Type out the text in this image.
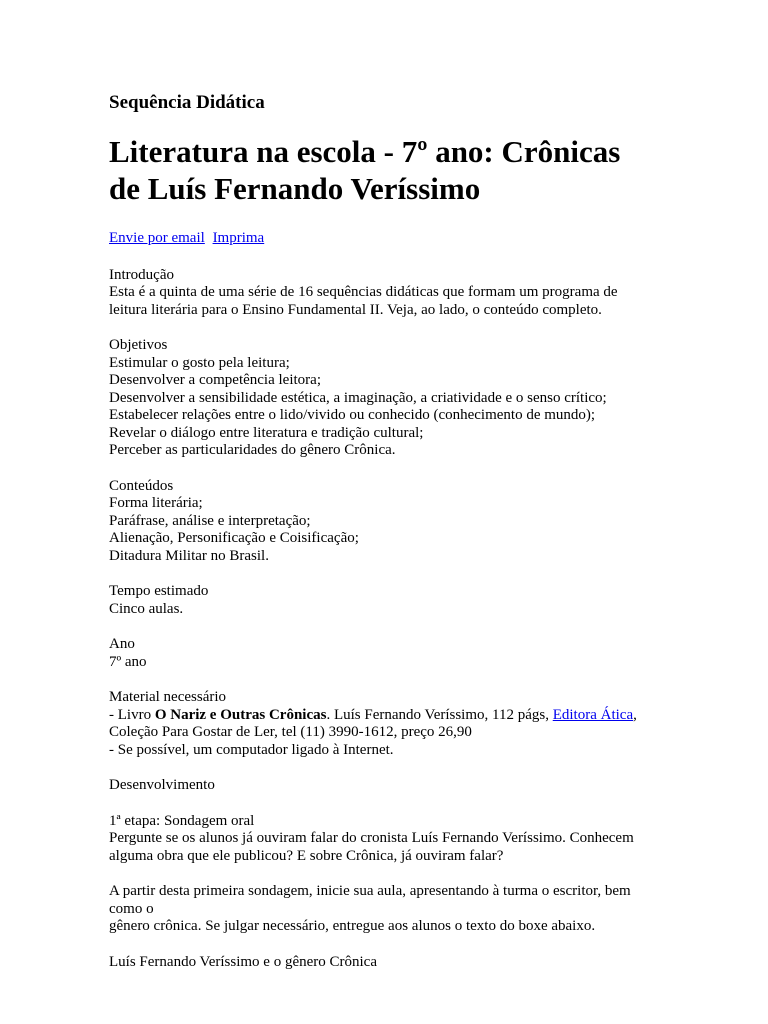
Sequência Didática
Literatura na escola - 7º ano: Crônicas
de Luís Fernando Veríssimo
Envie por email Imprima
Introdução
Esta é a quinta de uma série de 16 sequências didáticas que formam um programa de
leitura literária para o Ensino Fundamental II. Veja, ao lado, o conteúdo completo.
Objetivos
Estimular o gosto pela leitura;
Desenvolver a competência leitora;
Desenvolver a sensibilidade estética, a imaginação, a criatividade e o senso crítico;
Estabelecer relações entre o lido/vivido ou conhecido (conhecimento de mundo);
Revelar o diálogo entre literatura e tradição cultural;
Perceber as particularidades do gênero Crônica.
Conteúdos
Forma literária;
Paráfrase, análise e interpretação;
Alienação, Personificação e Coisificação;
Ditadura Militar no Brasil.
Tempo estimado
Cinco aulas.
Ano
7º ano
Material necessário
- Livro O Nariz e Outras Crônicas. Luís Fernando Veríssimo, 112 págs, Editora Ática,
Coleção Para Gostar de Ler, tel (11) 3990-1612, preço 26,90
- Se possível, um computador ligado à Internet.
Desenvolvimento
1ª etapa: Sondagem oral
Pergunte se os alunos já ouviram falar do cronista Luís Fernando Veríssimo. Conhecem
alguma obra que ele publicou? E sobre Crônica, já ouviram falar?
A partir desta primeira sondagem, inicie sua aula, apresentando à turma o escritor, bem
como o
gênero crônica. Se julgar necessário, entregue aos alunos o texto do boxe abaixo.
Luís Fernando Veríssimo e o gênero Crônica
